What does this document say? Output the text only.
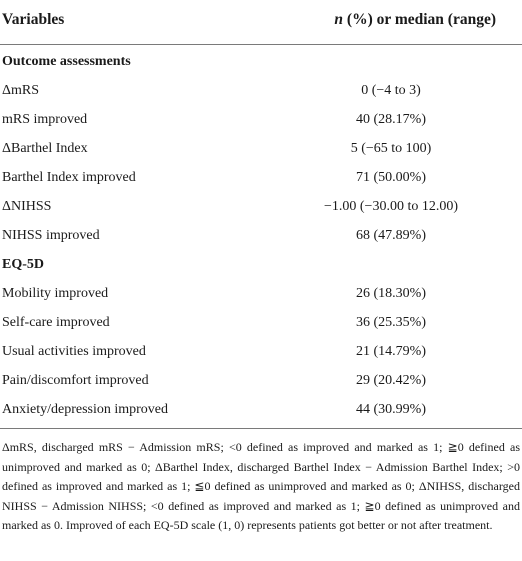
Variables	n (%) or median (range)
Outcome assessments
ΔmRS	0 (−4 to 3)
mRS improved	40 (28.17%)
ΔBarthel Index	5 (−65 to 100)
Barthel Index improved	71 (50.00%)
ΔNIHSS	−1.00 (−30.00 to 12.00)
NIHSS improved	68 (47.89%)
EQ-5D
Mobility improved	26 (18.30%)
Self-care improved	36 (25.35%)
Usual activities improved	21 (14.79%)
Pain/discomfort improved	29 (20.42%)
Anxiety/depression improved	44 (30.99%)
ΔmRS, discharged mRS − Admission mRS; <0 defined as improved and marked as 1; ≧0 defined as unimproved and marked as 0; ΔBarthel Index, discharged Barthel Index − Admission Barthel Index; >0 defined as improved and marked as 1; ≦0 defined as unimproved and marked as 0; ΔNIHSS, discharged NIHSS − Admission NIHSS; <0 defined as improved and marked as 1; ≧0 defined as unimproved and marked as 0. Improved of each EQ-5D scale (1, 0) represents patients got better or not after treatment.
